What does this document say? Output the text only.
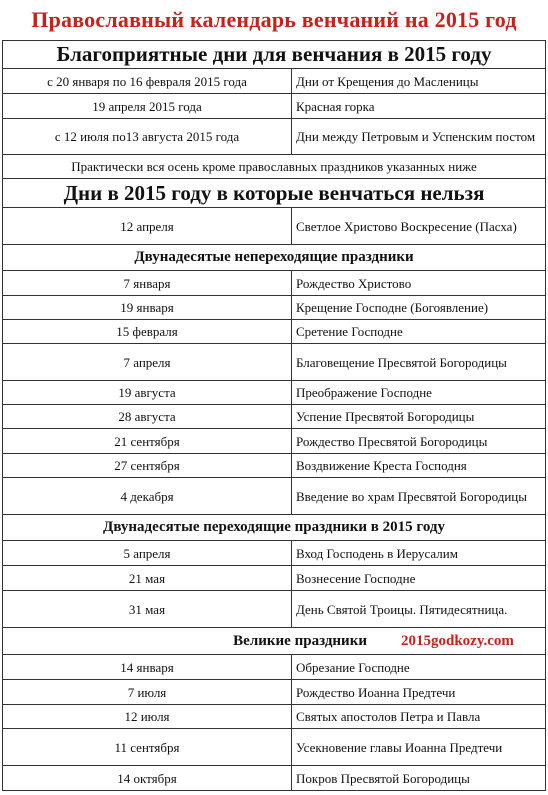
Православный календарь венчаний на 2015 год
Благоприятные дни для венчания в 2015 году	
с 20 января по 16 февраля 2015 года	Дни от Крещения до Масленицы
19 апреля 2015 года	Красная горка
с 12 июля по13 августа 2015 года	Дни между Петровым и Успенским постом
Практически вся осень кроме православных праздников указанных ниже	
Дни в 2015 году в которые венчаться нельзя	
12 апреля	Светлое Христово Воскресение (Пасха)
Двунадесятые непереходящие праздники	
7 января	Рождество Христово
19 января	Крещение Господне (Богоявление)
15 февраля	Сретение Господне
7 апреля	Благовещение Пресвятой Богородицы
19 августа	Преображение Господне
28 августа	Успение Пресвятой Богородицы
21 сентября	Рождество Пресвятой Богородицы
27 сентября	Воздвижение Креста Господня
4 декабря	Введение во храм Пресвятой Богородицы
Двунадесятые переходящие праздники в 2015 году	
5 апреля	Вход Господень в Иерусалим
21 мая	Вознесение Господне
31 мая	День Святой Троицы. Пятидесятница.

Великие праздники 2015godkozy.com	

14 января	Обрезание Господне
7 июля	Рождество Иоанна Предтечи
12 июля	Святых апостолов Петра и Павла
11 сентября	Усекновение главы Иоанна Предтечи
14 октября	Покров Пресвятой Богородицы
